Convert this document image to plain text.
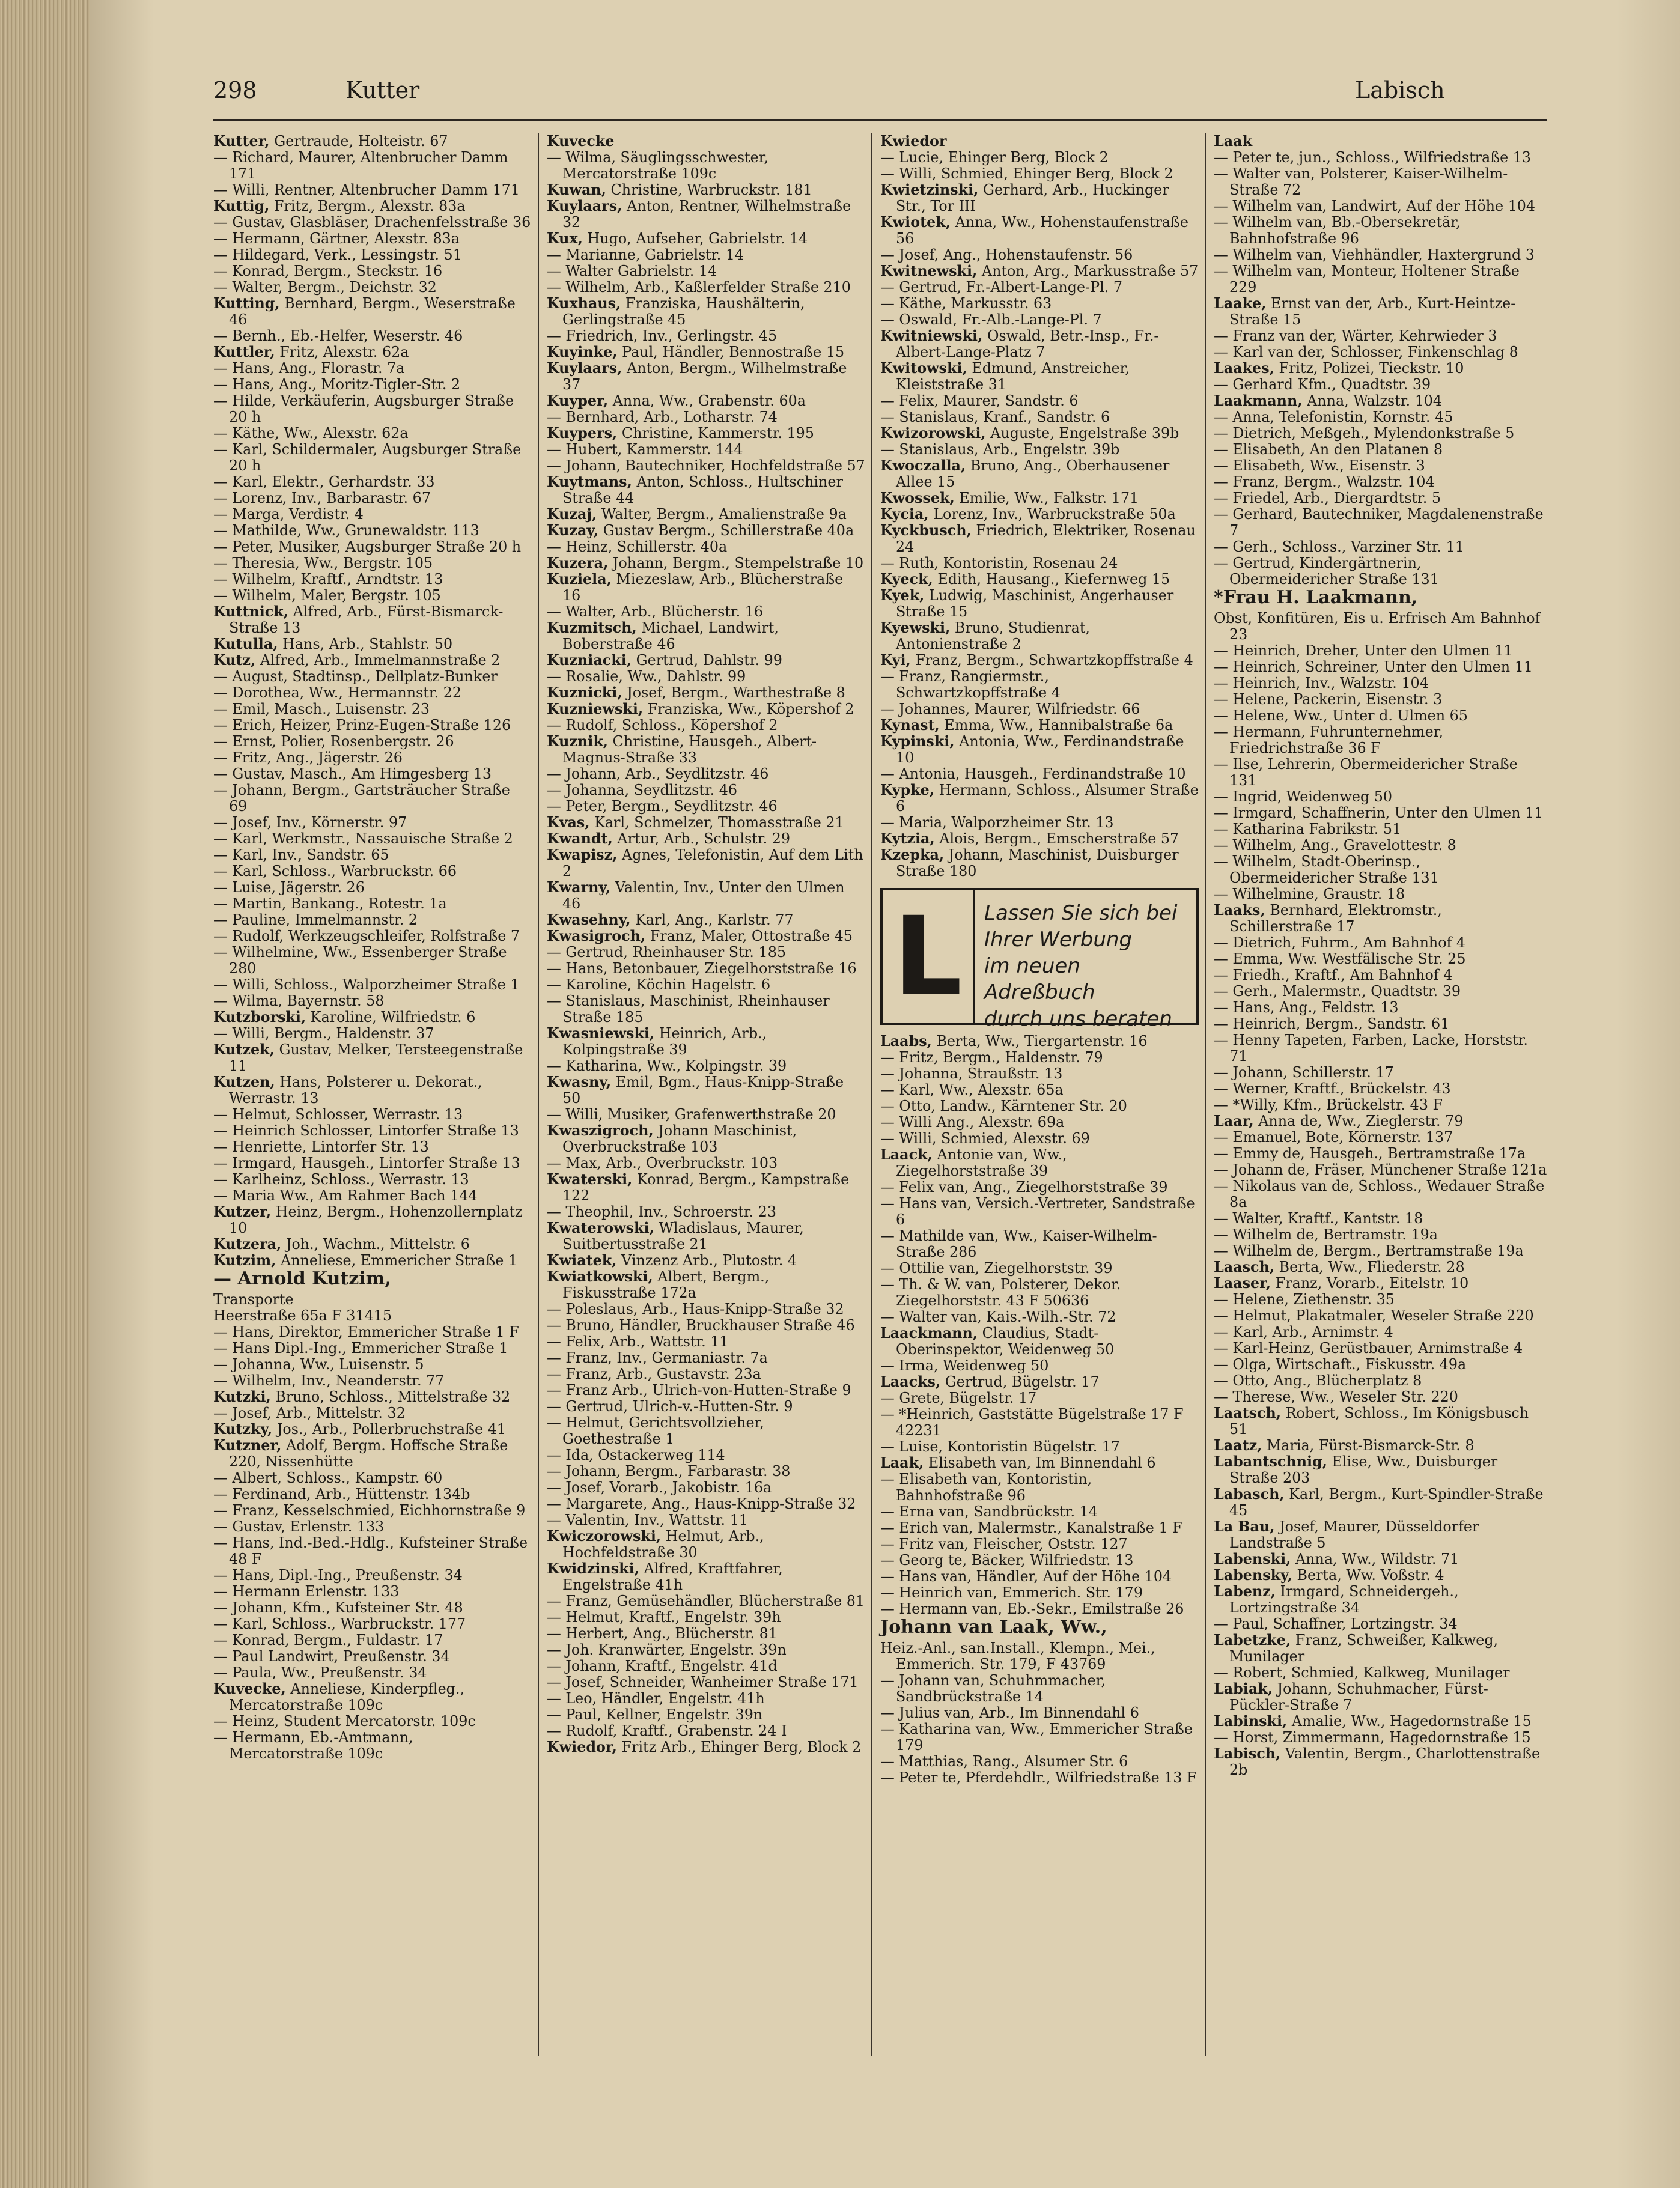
298	Kutter	Labisch

Kutter, Gertraude, Holteistr. 67

— Richard, Maurer, Altenbrucher Damm 171

— Willi, Rentner, Altenbrucher Damm 171

Kuttig, Fritz, Bergm., Alexstr. 83a

— Gustav, Glasbläser, Drachenfelsstraße 36

— Hermann, Gärtner, Alexstr. 83a

— Hildegard, Verk., Lessingstr. 51

— Konrad, Bergm., Steckstr. 16

— Walter, Bergm., Deichstr. 32

Kutting, Bernhard, Bergm., Weserstraße 46

— Bernh., Eb.-Helfer, Weserstr. 46

Kuttler, Fritz, Alexstr. 62a

— Hans, Ang., Florastr. 7a

— Hans, Ang., Moritz-Tigler-Str. 2

— Hilde, Verkäuferin, Augsburger Straße 20 h

— Käthe, Ww., Alexstr. 62a

— Karl, Schildermaler, Augsburger Straße 20 h

— Karl, Elektr., Gerhardstr. 33

— Lorenz, Inv., Barbarastr. 67

— Marga, Verdistr. 4

— Mathilde, Ww., Grunewaldstr. 113

— Peter, Musiker, Augsburger Straße 20 h

— Theresia, Ww., Bergstr. 105

— Wilhelm, Kraftf., Arndtstr. 13

— Wilhelm, Maler, Bergstr. 105

Kuttnick, Alfred, Arb., Fürst-Bismarck-Straße 13

Kutulla, Hans, Arb., Stahlstr. 50

Kutz, Alfred, Arb., Immelmannstraße 2

— August, Stadtinsp., Dellplatz-Bunker

— Dorothea, Ww., Hermannstr. 22

— Emil, Masch., Luisenstr. 23

— Erich, Heizer, Prinz-Eugen-Straße 126

— Ernst, Polier, Rosenbergstr. 26

— Fritz, Ang., Jägerstr. 26

— Gustav, Masch., Am Himgesberg 13

— Johann, Bergm., Gartsträucher Straße 69

— Josef, Inv., Körnerstr. 97

— Karl, Werkmstr., Nassauische Straße 2

— Karl, Inv., Sandstr. 65

— Karl, Schloss., Warbruckstr. 66

— Luise, Jägerstr. 26

— Martin, Bankang., Rotestr. 1a

— Pauline, Immelmannstr. 2

— Rudolf, Werkzeugschleifer, Rolfstraße 7

— Wilhelmine, Ww., Essenberger Straße 280

— Willi, Schloss., Walporzheimer Straße 1

— Wilma, Bayernstr. 58

Kutzborski, Karoline, Wilfriedstr. 6

— Willi, Bergm., Haldenstr. 37

Kutzek, Gustav, Melker, Tersteegenstraße 11

Kutzen, Hans, Polsterer u. Dekorat., Werrastr. 13

— Helmut, Schlosser, Werrastr. 13

— Heinrich Schlosser, Lintorfer Straße 13

— Henriette, Lintorfer Str. 13

— Irmgard, Hausgeh., Lintorfer Straße 13

— Karlheinz, Schloss., Werrastr. 13

— Maria Ww., Am Rahmer Bach 144

Kutzer, Heinz, Bergm., Hohenzollernplatz 10

Kutzera, Joh., Wachm., Mittelstr. 6

Kutzim, Anneliese, Emmericher Straße 1

— Arnold Kutzim,
Transporte

Heerstraße 65a F 31415

— Hans, Direktor, Emmericher Straße 1 F

— Hans Dipl.-Ing., Emmericher Straße 1

— Johanna, Ww., Luisenstr. 5

— Wilhelm, Inv., Neanderstr. 77

Kutzki, Bruno, Schloss., Mittelstraße 32

— Josef, Arb., Mittelstr. 32

Kutzky, Jos., Arb., Pollerbruchstraße 41

Kutzner, Adolf, Bergm. Hoffsche Straße 220, Nissenhütte

— Albert, Schloss., Kampstr. 60

— Ferdinand, Arb., Hüttenstr. 134b

— Franz, Kesselschmied, Eichhornstraße 9

— Gustav, Erlenstr. 133

— Hans, Ind.-Bed.-Hdlg., Kufsteiner Straße 48 F

— Hans, Dipl.-Ing., Preußenstr. 34

— Hermann Erlenstr. 133

— Johann, Kfm., Kufsteiner Str. 48

— Karl, Schloss., Warbruckstr. 177

— Konrad, Bergm., Fuldastr. 17

— Paul Landwirt, Preußenstr. 34

— Paula, Ww., Preußenstr. 34

Kuvecke, Anneliese, Kinderpfleg., Mercatorstraße 109c

— Heinz, Student Mercatorstr. 109c

— Hermann, Eb.-Amtmann, Mercatorstraße 109c

Kuvecke

— Wilma, Säuglingsschwester, Mercatorstraße 109c

Kuwan, Christine, Warbruckstr. 181

Kuylaars, Anton, Rentner, Wilhelmstraße 32

Kux, Hugo, Aufseher, Gabrielstr. 14

— Marianne, Gabrielstr. 14

— Walter Gabrielstr. 14

— Wilhelm, Arb., Kaßlerfelder Straße 210

Kuxhaus, Franziska, Haushälterin, Gerlingstraße 45

— Friedrich, Inv., Gerlingstr. 45

Kuyinke, Paul, Händler, Bennostraße 15

Kuylaars, Anton, Bergm., Wilhelmstraße 37

Kuyper, Anna, Ww., Grabenstr. 60a

— Bernhard, Arb., Lotharstr. 74

Kuypers, Christine, Kammerstr. 195

— Hubert, Kammerstr. 144

— Johann, Bautechniker, Hochfeldstraße 57

Kuytmans, Anton, Schloss., Hultschiner Straße 44

Kuzaj, Walter, Bergm., Amalienstraße 9a

Kuzay, Gustav Bergm., Schillerstraße 40a

— Heinz, Schillerstr. 40a

Kuzera, Johann, Bergm., Stempelstraße 10

Kuziela, Miezeslaw, Arb., Blücherstraße 16

— Walter, Arb., Blücherstr. 16

Kuzmitsch, Michael, Landwirt, Boberstraße 46

Kuzniacki, Gertrud, Dahlstr. 99

— Rosalie, Ww., Dahlstr. 99

Kuznicki, Josef, Bergm., Warthestraße 8

Kuzniewski, Franziska, Ww., Köpershof 2

— Rudolf, Schloss., Köpershof 2

Kuznik, Christine, Hausgeh., Albert-Magnus-Straße 33

— Johann, Arb., Seydlitzstr. 46

— Johanna, Seydlitzstr. 46

— Peter, Bergm., Seydlitzstr. 46

Kvas, Karl, Schmelzer, Thomasstraße 21

Kwandt, Artur, Arb., Schulstr. 29

Kwapisz, Agnes, Telefonistin, Auf dem Lith 2

Kwarny, Valentin, Inv., Unter den Ulmen 46

Kwasehny, Karl, Ang., Karlstr. 77

Kwasigroch, Franz, Maler, Ottostraße 45

— Gertrud, Rheinhauser Str. 185

— Hans, Betonbauer, Ziegelhorststraße 16

— Karoline, Köchin Hagelstr. 6

— Stanislaus, Maschinist, Rheinhauser Straße 185

Kwasniewski, Heinrich, Arb., Kolpingstraße 39

— Katharina, Ww., Kolpingstr. 39

Kwasny, Emil, Bgm., Haus-Knipp-Straße 50

— Willi, Musiker, Grafenwerthstraße 20

Kwaszigroch, Johann Maschinist, Overbruckstraße 103

— Max, Arb., Overbruckstr. 103

Kwaterski, Konrad, Bergm., Kampstraße 122

— Theophil, Inv., Schroerstr. 23

Kwaterowski, Wladislaus, Maurer, Suitbertusstraße 21

Kwiatek, Vinzenz Arb., Plutostr. 4

Kwiatkowski, Albert, Bergm., Fiskusstraße 172a

— Poleslaus, Arb., Haus-Knipp-Straße 32

— Bruno, Händler, Bruckhauser Straße 46

— Felix, Arb., Wattstr. 11

— Franz, Inv., Germaniastr. 7a

— Franz, Arb., Gustavstr. 23a

— Franz Arb., Ulrich-von-Hutten-Straße 9

— Gertrud, Ulrich-v.-Hutten-Str. 9

— Helmut, Gerichtsvollzieher, Goethestraße 1

— Ida, Ostackerweg 114

— Johann, Bergm., Farbarastr. 38

— Josef, Vorarb., Jakobistr. 16a

— Margarete, Ang., Haus-Knipp-Straße 32

— Valentin, Inv., Wattstr. 11

Kwiczorowski, Helmut, Arb., Hochfeldstraße 30

Kwidzinski, Alfred, Kraftfahrer, Engelstraße 41h

— Franz, Gemüsehändler, Blücherstraße 81

— Helmut, Kraftf., Engelstr. 39h

— Herbert, Ang., Blücherstr. 81

— Joh. Kranwärter, Engelstr. 39n

— Johann, Kraftf., Engelstr. 41d

— Josef, Schneider, Wanheimer Straße 171

— Leo, Händler, Engelstr. 41h

— Paul, Kellner, Engelstr. 39n

— Rudolf, Kraftf., Grabenstr. 24 I

Kwiedor, Fritz Arb., Ehinger Berg, Block 2

Kwiedor

— Lucie, Ehinger Berg, Block 2

— Willi, Schmied, Ehinger Berg, Block 2

Kwietzinski, Gerhard, Arb., Huckinger Str., Tor III

Kwiotek, Anna, Ww., Hohenstaufenstraße 56

— Josef, Ang., Hohenstaufenstr. 56

Kwitnewski, Anton, Arg., Markusstraße 57

— Gertrud, Fr.-Albert-Lange-Pl. 7

— Käthe, Markusstr. 63

— Oswald, Fr.-Alb.-Lange-Pl. 7

Kwitniewski, Oswald, Betr.-Insp., Fr.-Albert-Lange-Platz 7

Kwitowski, Edmund, Anstreicher, Kleiststraße 31

— Felix, Maurer, Sandstr. 6

— Stanislaus, Kranf., Sandstr. 6

Kwizorowski, Auguste, Engelstraße 39b

— Stanislaus, Arb., Engelstr. 39b

Kwoczalla, Bruno, Ang., Oberhausener Allee 15

Kwossek, Emilie, Ww., Falkstr. 171

Kycia, Lorenz, Inv., Warbruckstraße 50a

Kyckbusch, Friedrich, Elektriker, Rosenau 24

— Ruth, Kontoristin, Rosenau 24

Kyeck, Edith, Hausang., Kiefernweg 15

Kyek, Ludwig, Maschinist, Angerhauser Straße 15

Kyewski, Bruno, Studienrat, Antonienstraße 2

Kyi, Franz, Bergm., Schwartzkopffstraße 4

— Franz, Rangiermstr., Schwartzkopffstraße 4

— Johannes, Maurer, Wilfriedstr. 66

Kynast, Emma, Ww., Hannibalstraße 6a

Kypinski, Antonia, Ww., Ferdinandstraße 10

— Antonia, Hausgeh., Ferdinandstraße 10

Kypke, Hermann, Schloss., Alsumer Straße 6

— Maria, Walporzheimer Str. 13

Kytzia, Alois, Bergm., Emscherstraße 57

Kzepka, Johann, Maschinist, Duisburger Straße 180

L	Lassen Sie sich bei
Ihrer Werbung
im neuen Adreßbuch
durch uns beraten

Laabs, Berta, Ww., Tiergartenstr. 16

— Fritz, Bergm., Haldenstr. 79

— Johanna, Straußstr. 13

— Karl, Ww., Alexstr. 65a

— Otto, Landw., Kärntener Str. 20

— Willi Ang., Alexstr. 69a

— Willi, Schmied, Alexstr. 69

Laack, Antonie van, Ww., Ziegelhorststraße 39

— Felix van, Ang., Ziegelhorststraße 39

— Hans van, Versich.-Vertreter, Sandstraße 6

— Mathilde van, Ww., Kaiser-Wilhelm-Straße 286

— Ottilie van, Ziegelhorststr. 39

— Th. & W. van, Polsterer, Dekor. Ziegelhorststr. 43 F 50636

— Walter van, Kais.-Wilh.-Str. 72

Laackmann, Claudius, Stadt-Oberinspektor, Weidenweg 50

— Irma, Weidenweg 50

Laacks, Gertrud, Bügelstr. 17

— Grete, Bügelstr. 17

— *Heinrich, Gaststätte Bügelstraße 17 F 42231

— Luise, Kontoristin Bügelstr. 17

Laak, Elisabeth van, Im Binnendahl 6

— Elisabeth van, Kontoristin, Bahnhofstraße 96

— Erna van, Sandbrückstr. 14

— Erich van, Malermstr., Kanalstraße 1 F

— Fritz van, Fleischer, Oststr. 127

— Georg te, Bäcker, Wilfriedstr. 13

— Hans van, Händler, Auf der Höhe 104

— Heinrich van, Emmerich. Str. 179

— Hermann van, Eb.-Sekr., Emilstraße 26

Johann van Laak, Ww.,
Heiz.-Anl., san.Install., Klempn., Mei., Emmerich. Str. 179, F 43769

— Johann van, Schuhmmacher, Sandbrückstraße 14

— Julius van, Arb., Im Binnendahl 6

— Katharina van, Ww., Emmericher Straße 179

— Matthias, Rang., Alsumer Str. 6

— Peter te, Pferdehdlr., Wilfriedstraße 13 F

Laak

— Peter te, jun., Schloss., Wilfriedstraße 13

— Walter van, Polsterer, Kaiser-Wilhelm-Straße 72

— Wilhelm van, Landwirt, Auf der Höhe 104

— Wilhelm van, Bb.-Obersekretär, Bahnhofstraße 96

— Wilhelm van, Viehhändler, Haxtergrund 3

— Wilhelm van, Monteur, Holtener Straße 229

Laake, Ernst van der, Arb., Kurt-Heintze-Straße 15

— Franz van der, Wärter, Kehrwieder 3

— Karl van der, Schlosser, Finkenschlag 8

Laakes, Fritz, Polizei, Tieckstr. 10

— Gerhard Kfm., Quadtstr. 39

Laakmann, Anna, Walzstr. 104

— Anna, Telefonistin, Kornstr. 45

— Dietrich, Meßgeh., Mylendonkstraße 5

— Elisabeth, An den Platanen 8

— Elisabeth, Ww., Eisenstr. 3

— Franz, Bergm., Walzstr. 104

— Friedel, Arb., Diergardtstr. 5

— Gerhard, Bautechniker, Magdalenenstraße 7

— Gerh., Schloss., Varziner Str. 11

— Gertrud, Kindergärtnerin, Obermeidericher Straße 131

*Frau H. Laakmann,
Obst, Konfitüren, Eis u. Erfrisch Am Bahnhof 23

— Heinrich, Dreher, Unter den Ulmen 11

— Heinrich, Schreiner, Unter den Ulmen 11

— Heinrich, Inv., Walzstr. 104

— Helene, Packerin, Eisenstr. 3

— Helene, Ww., Unter d. Ulmen 65

— Hermann, Fuhrunternehmer, Friedrichstraße 36 F

— Ilse, Lehrerin, Obermeidericher Straße 131

— Ingrid, Weidenweg 50

— Irmgard, Schaffnerin, Unter den Ulmen 11

— Katharina Fabrikstr. 51

— Wilhelm, Ang., Gravelottestr. 8

— Wilhelm, Stadt-Oberinsp., Obermeidericher Straße 131

— Wilhelmine, Graustr. 18

Laaks, Bernhard, Elektromstr., Schillerstraße 17

— Dietrich, Fuhrm., Am Bahnhof 4

— Emma, Ww. Westfälische Str. 25

— Friedh., Kraftf., Am Bahnhof 4

— Gerh., Malermstr., Quadtstr. 39

— Hans, Ang., Feldstr. 13

— Heinrich, Bergm., Sandstr. 61

— Henny Tapeten, Farben, Lacke, Horststr. 71

— Johann, Schillerstr. 17

— Werner, Kraftf., Brückelstr. 43

— *Willy, Kfm., Brückelstr. 43 F

Laar, Anna de, Ww., Zieglerstr. 79

— Emanuel, Bote, Körnerstr. 137

— Emmy de, Hausgeh., Bertramstraße 17a

— Johann de, Fräser, Münchener Straße 121a

— Nikolaus van de, Schloss., Wedauer Straße 8a

— Walter, Kraftf., Kantstr. 18

— Wilhelm de, Bertramstr. 19a

— Wilhelm de, Bergm., Bertramstraße 19a

Laasch, Berta, Ww., Fliederstr. 28

Laaser, Franz, Vorarb., Eitelstr. 10

— Helene, Ziethenstr. 35

— Helmut, Plakatmaler, Weseler Straße 220

— Karl, Arb., Arnimstr. 4

— Karl-Heinz, Gerüstbauer, Arnimstraße 4

— Olga, Wirtschaft., Fiskusstr. 49a

— Otto, Ang., Blücherplatz 8

— Therese, Ww., Weseler Str. 220

Laatsch, Robert, Schloss., Im Königsbusch 51

Laatz, Maria, Fürst-Bismarck-Str. 8

Labantschnig, Elise, Ww., Duisburger Straße 203

Labasch, Karl, Bergm., Kurt-Spindler-Straße 45

La Bau, Josef, Maurer, Düsseldorfer Landstraße 5

Labenski, Anna, Ww., Wildstr. 71

Labensky, Berta, Ww. Voßstr. 4

Labenz, Irmgard, Schneidergeh., Lortzingstraße 34

— Paul, Schaffner, Lortzingstr. 34

Labetzke, Franz, Schweißer, Kalkweg, Munilager

— Robert, Schmied, Kalkweg, Munilager

Labiak, Johann, Schuhmacher, Fürst-Pückler-Straße 7

Labinski, Amalie, Ww., Hagedornstraße 15

— Horst, Zimmermann, Hagedornstraße 15

Labisch, Valentin, Bergm., Charlottenstraße 2b
